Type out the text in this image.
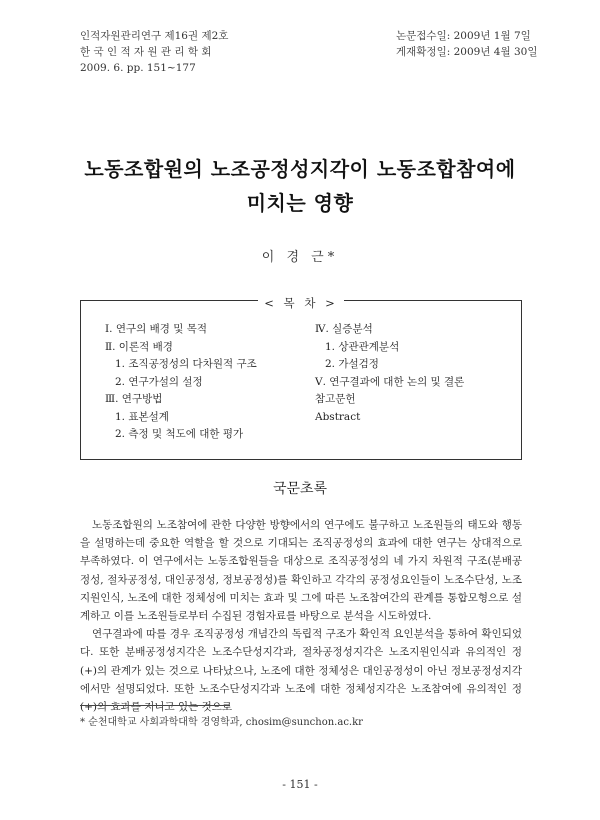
인적자원관리연구 제16권 제2호
한 국 인 적 자 원 관 리 학 회
2009. 6. pp. 151∼177
논문접수일: 2009년 1월 7일
게재확정일: 2009년 4월 30일
노동조합원의 노조공정성지각이 노동조합참여에
미치는 영향
이 경 근*
< 목 차 >
Ⅰ. 연구의 배경 및 목적
Ⅱ. 이론적 배경
1. 조직공정성의 다차원적 구조
2. 연구가설의 설정
Ⅲ. 연구방법
1. 표본설계
2. 측정 및 척도에 대한 평가
Ⅳ. 실증분석
1. 상관관계분석
2. 가설검정
Ⅴ. 연구결과에 대한 논의 및 결론
참고문헌
Abstract
국문초록

노동조합원의 노조참여에 관한 다양한 방향에서의 연구에도 불구하고 노조원들의 태도와 행동을 설명하는데 중요한 역할을 할 것으로 기대되는 조직공정성의 효과에 대한 연구는 상대적으로 부족하였다. 이 연구에서는 노동조합원들을 대상으로 조직공정성의 네 가지 차원적 구조(분배공정성, 절차공정성, 대인공정성, 정보공정성)를 확인하고 각각의 공정성요인들이 노조수단성, 노조지원인식, 노조에 대한 정체성에 미치는 효과 및 그에 따른 노조참여간의 관계를 통합모형으로 설계하고 이를 노조원들로부터 수집된 경험자료를 바탕으로 분석을 시도하였다.

연구결과에 따를 경우 조직공정성 개념간의 독립적 구조가 확인적 요인분석을 통하여 확인되었다. 또한 분배공정성지각은 노조수단성지각과, 절차공정성지각은 노조지원인식과 유의적인 정(+)의 관계가 있는 것으로 나타났으나, 노조에 대한 정체성은 대인공정성이 아닌 정보공정성지각에서만 설명되었다. 또한 노조수단성지각과 노조에 대한 정체성지각은 노조참여에 유의적인 정(+)의 효과를 지니고 있는 것으로

* 순천대학교 사회과학대학 경영학과, chosim@sunchon.ac.kr
- 151 -
